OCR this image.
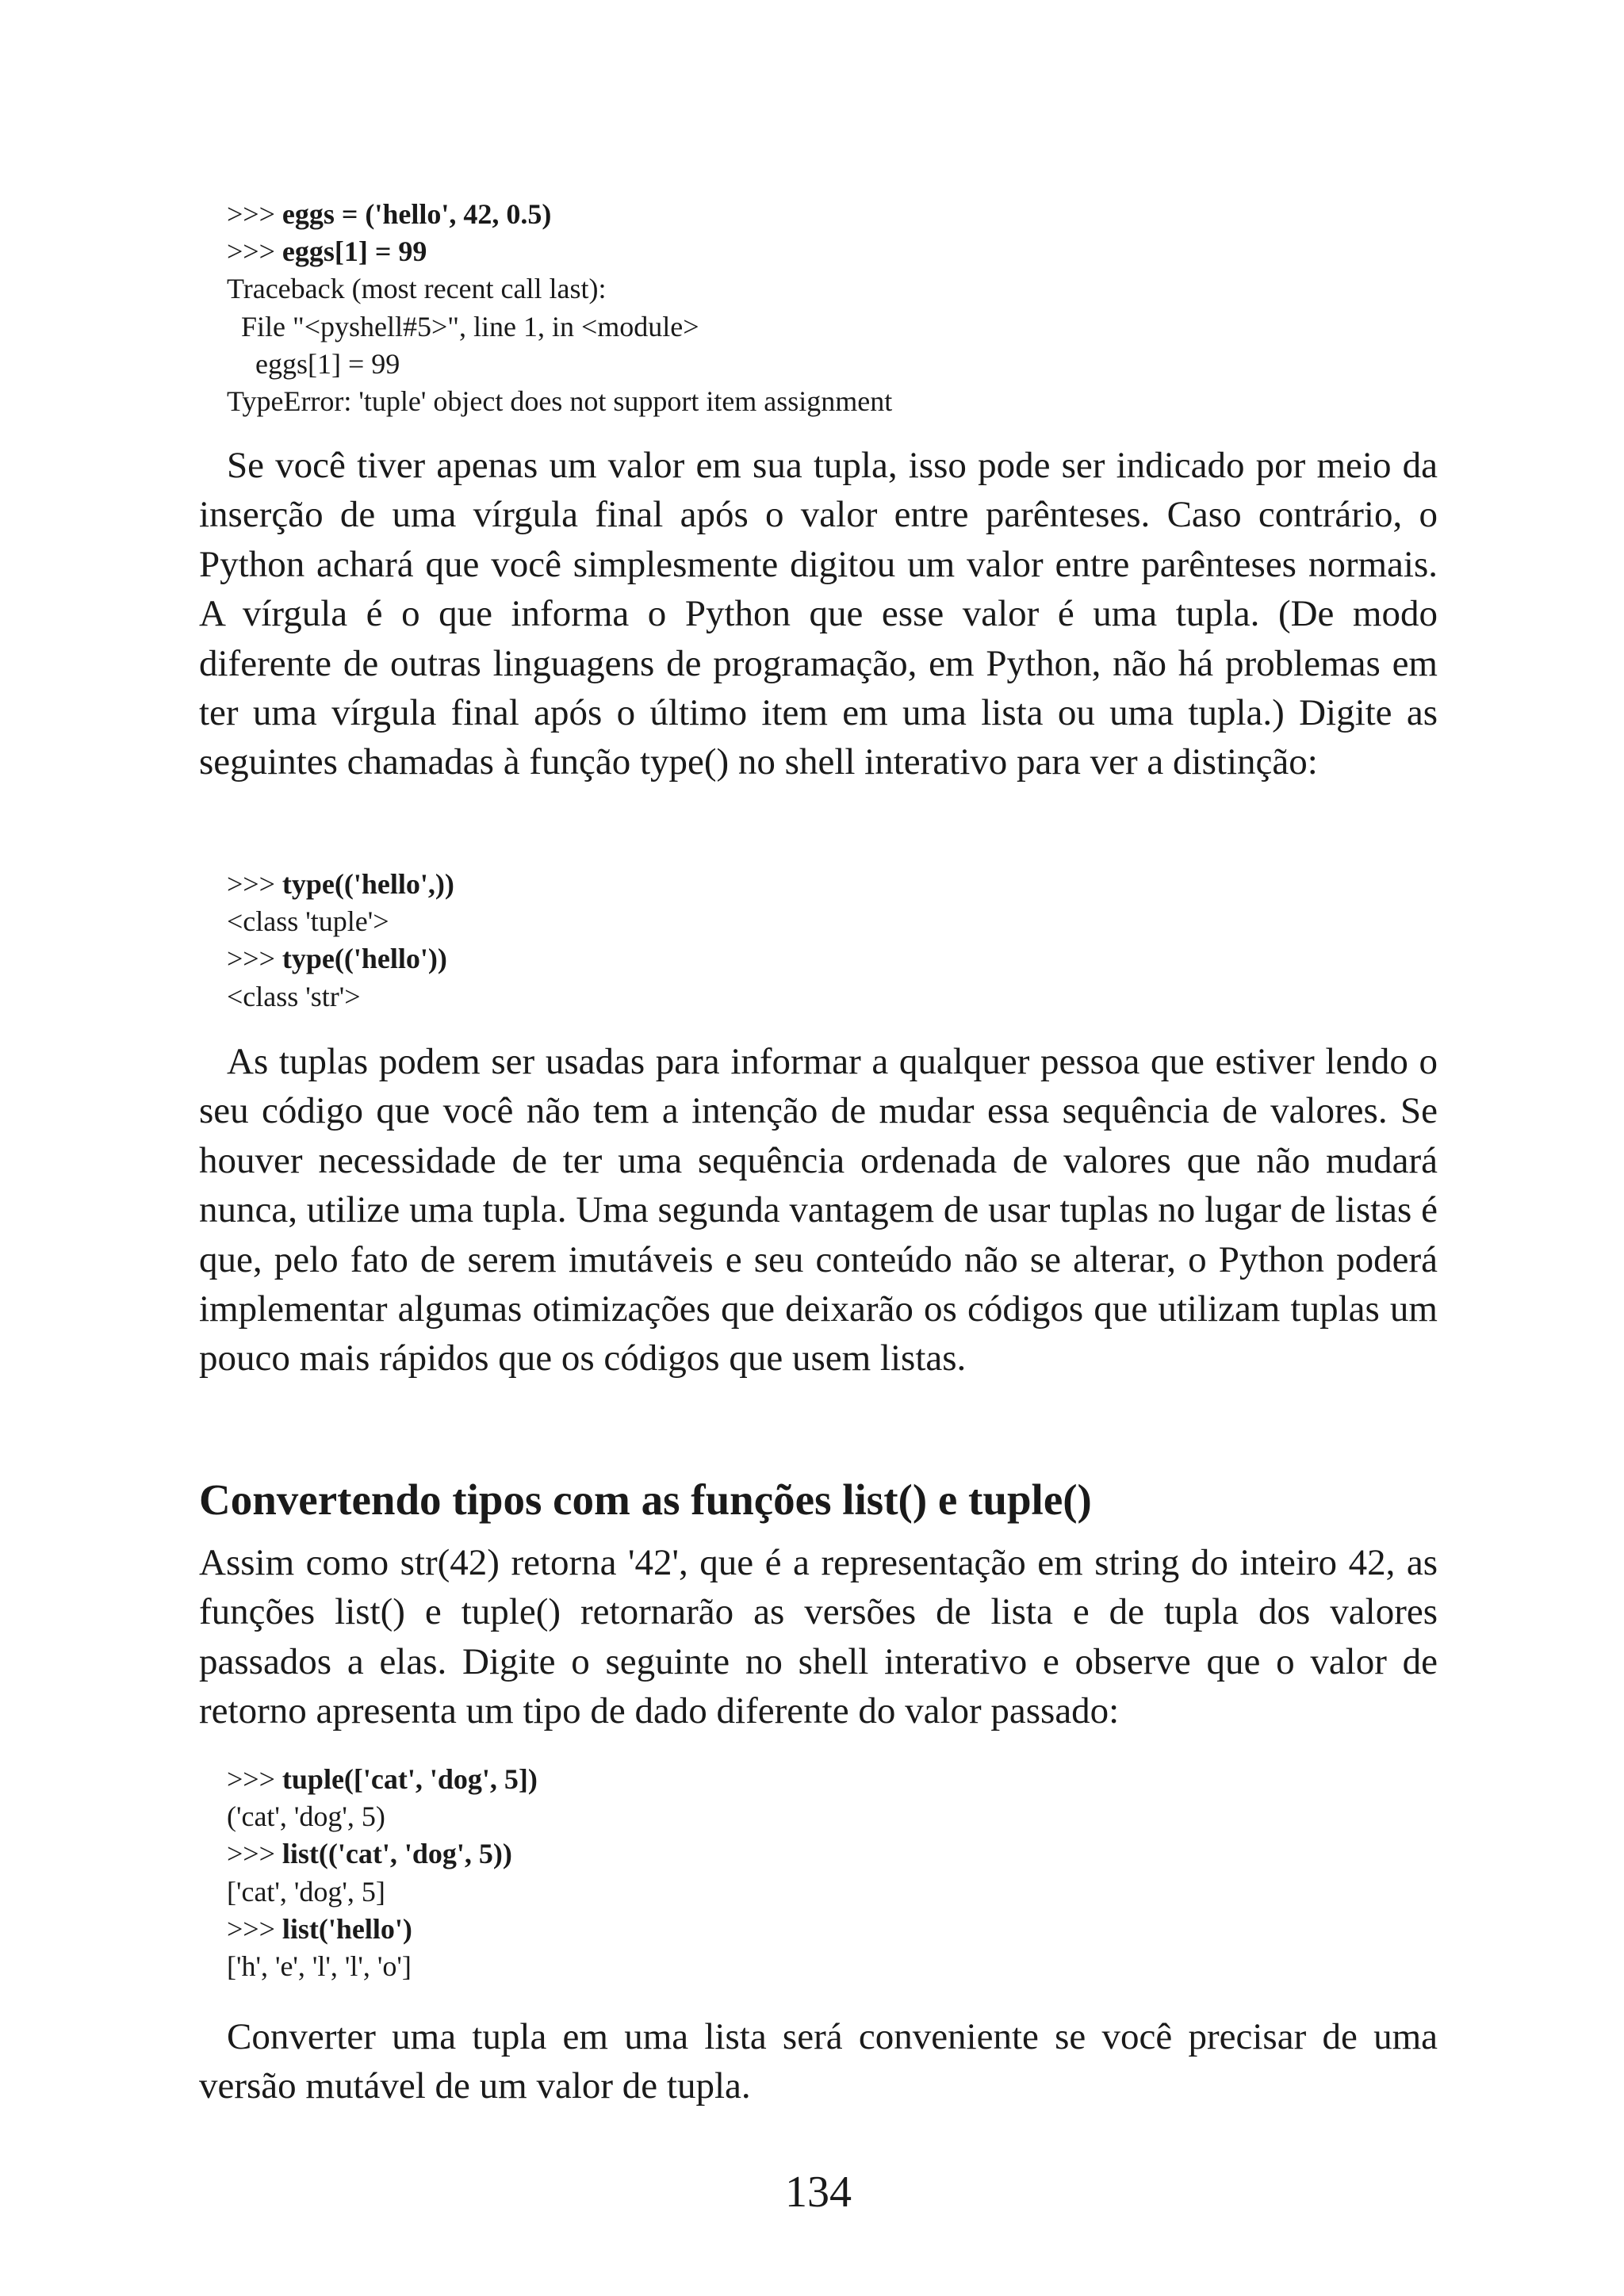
>>> eggs = ('hello', 42, 0.5)
>>> eggs[1] = 99
Traceback (most recent call last):
File "<pyshell#5>", line 1, in <module>
eggs[1] = 99
TypeError: 'tuple' object does not support item assignment

Se você tiver apenas um valor em sua tupla, isso pode ser indicado por meio da inserção de uma vírgula final após o valor entre parênteses. Caso contrário, o Python achará que você simplesmente digitou um valor entre parênteses normais. A vírgula é o que informa o Python que esse valor é uma tupla. (De modo diferente de outras linguagens de programação, em Python, não há problemas em ter uma vírgula final após o último item em uma lista ou uma tupla.) Digite as seguintes chamadas à função type() no shell interativo para ver a distinção:

>>> type(('hello',))
<class 'tuple'>
>>> type(('hello'))
<class 'str'>

As tuplas podem ser usadas para informar a qualquer pessoa que estiver lendo o seu código que você não tem a intenção de mudar essa sequência de valores. Se houver necessidade de ter uma sequência ordenada de valores que não mudará nunca, utilize uma tupla. Uma segunda vantagem de usar tuplas no lugar de listas é que, pelo fato de serem imutáveis e seu conteúdo não se alterar, o Python poderá implementar algumas otimizações que deixarão os códigos que utilizam tuplas um pouco mais rápidos que os códigos que usem listas.

Convertendo tipos com as funções list() e tuple()

Assim como str(42) retorna '42', que é a representação em string do inteiro 42, as funções list() e tuple() retornarão as versões de lista e de tupla dos valores passados a elas. Digite o seguinte no shell interativo e observe que o valor de retorno apresenta um tipo de dado diferente do valor passado:

>>> tuple(['cat', 'dog', 5])
('cat', 'dog', 5)
>>> list(('cat', 'dog', 5))
['cat', 'dog', 5]
>>> list('hello')
['h', 'e', 'l', 'l', 'o']

Converter uma tupla em uma lista será conveniente se você precisar de uma versão mutável de um valor de tupla.

134
